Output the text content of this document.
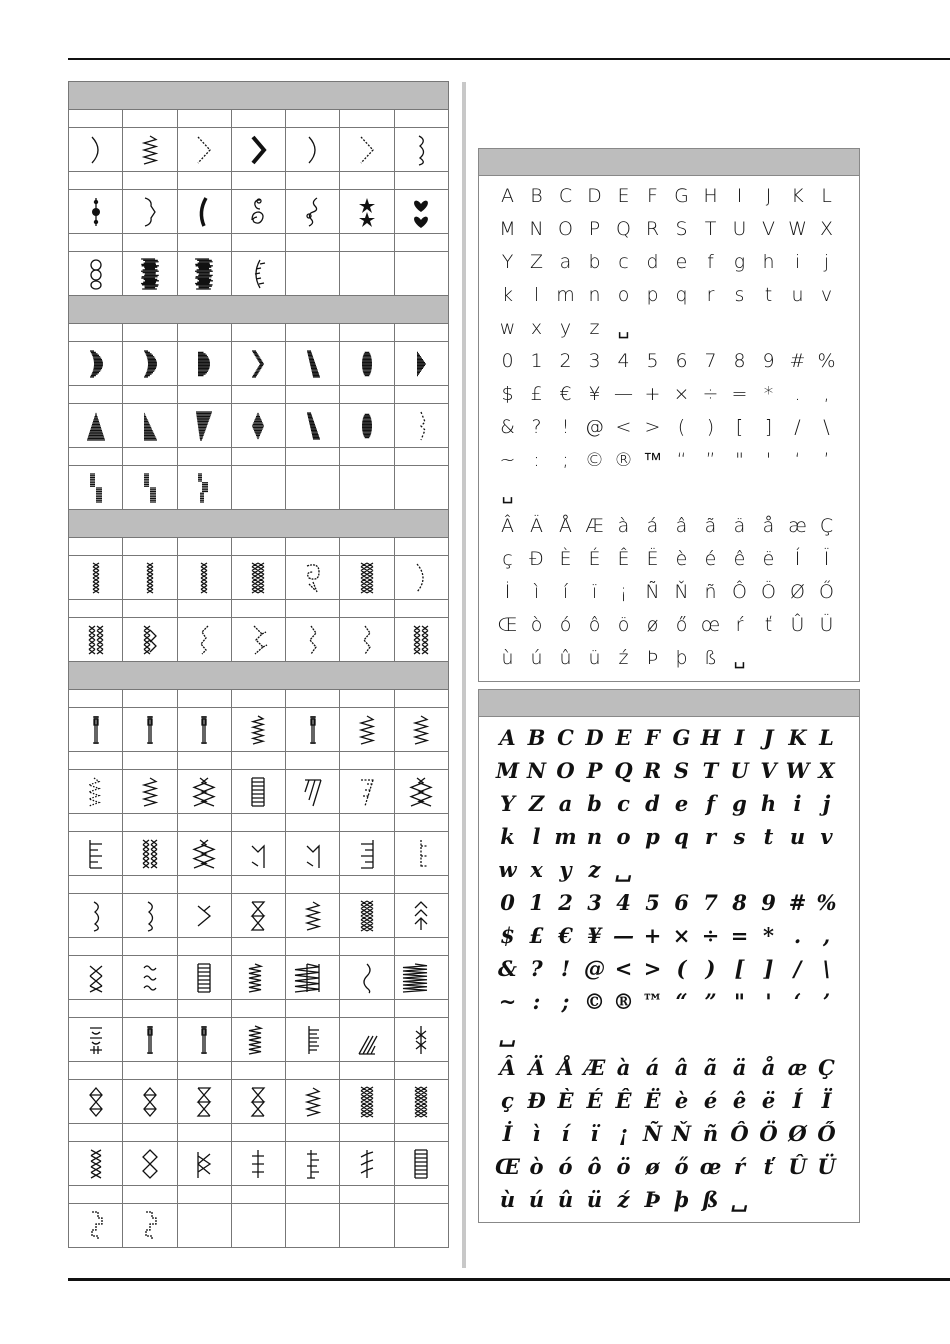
A B C D E F G H	I	J	K L
M N O P Q R S T U V W X
Y Z a b c d e	f	g h	i	j
k	l m n o p q	r	s	t	u v
w x y z ␣
0 1 2 3 4 5 6 7 8 9 # %
$ £ € ¥ — + × ÷ = *	.	,
& ?	! @ < > (	)	[	]	/	\
~ :	; © ® ™ “	”	"	'	‘	’
␣
Â Ä Å Æ à á â ã ä å æ Ç
ç Đ È É Ê Ë è é ê ë	Í	Ï
İ	ì	í	ï	¡ Ñ Ň ñ Ô Ö Ø Ő
Œ ò ó ô ö ø ő œ ŕ	ť Û Ü
ù ú û ü ź Þ þ ß ␣
A B C D E F G H I J K L
M N O P Q R S T U V W X
Y Z a b c d e f g h i	j
k l m n o p q r s t u v
w x y z ␣
0 1 2 3 4 5 6 7 8 9 # %
$ £ € ¥ — + × ÷ = * .	,
& ? ! @ < > ( ) [ ] /	\
~ :	; © ® ™ “ ” " '	‘	’
␣
Â Ä Å Æ à á â ã ä å æ Ç
ç Đ È É Ê Ë è é ê ë Í Ï
İ ì	í	ï ¡ Ñ Ň ñ Ô Ö Ø Ő
Œ ò ó ô ö ø ő œ ŕ ť Û Ü
ù ú û ü ź Þ þ ß ␣
